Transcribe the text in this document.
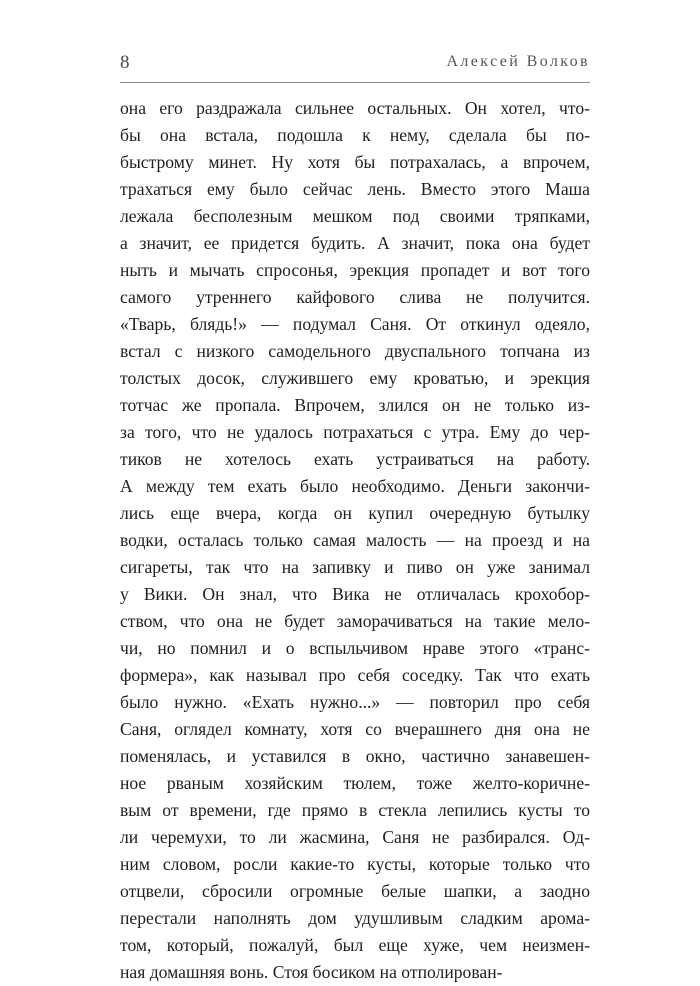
8	Алексей Волков
она его раздражала сильнее остальных. Он хотел, что-
бы она встала, подошла к нему, сделала бы по-
быстрому минет. Ну хотя бы потрахалась, а впрочем,
трахаться ему было сейчас лень. Вместо этого Маша
лежала бесполезным мешком под своими тряпками,
а значит, ее придется будить. А значит, пока она будет
ныть и мычать спросонья, эрекция пропадет и вот того
самого утреннего кайфового слива не получится.
«Тварь, блядь!» — подумал Саня. От откинул одеяло,
встал с низкого самодельного двуспального топчана из
толстых досок, служившего ему кроватью, и эрекция
тотчас же пропала. Впрочем, злился он не только из-
за того, что не удалось потрахаться с утра. Ему до чер-
тиков не хотелось ехать устраиваться на работу.
А между тем ехать было необходимо. Деньги закончи-
лись еще вчера, когда он купил очередную бутылку
водки, осталась только самая малость — на проезд и на
сигареты, так что на запивку и пиво он уже занимал
у Вики. Он знал, что Вика не отличалась крохобор-
ством, что она не будет заморачиваться на такие мело-
чи, но помнил и о вспыльчивом нраве этого «транс-
формера», как называл про себя соседку. Так что ехать
было нужно. «Ехать нужно...» — повторил про себя
Саня, оглядел комнату, хотя со вчерашнего дня она не
поменялась, и уставился в окно, частично занавешен-
ное рваным хозяйским тюлем, тоже желто-коричне-
вым от времени, где прямо в стекла лепились кусты то
ли черемухи, то ли жасмина, Саня не разбирался. Од-
ним словом, росли какие-то кусты, которые только что
отцвели, сбросили огромные белые шапки, а заодно
перестали наполнять дом удушливым сладким арома-
том, который, пожалуй, был еще хуже, чем неизмен-
ная домашняя вонь. Стоя босиком на отполирован-
